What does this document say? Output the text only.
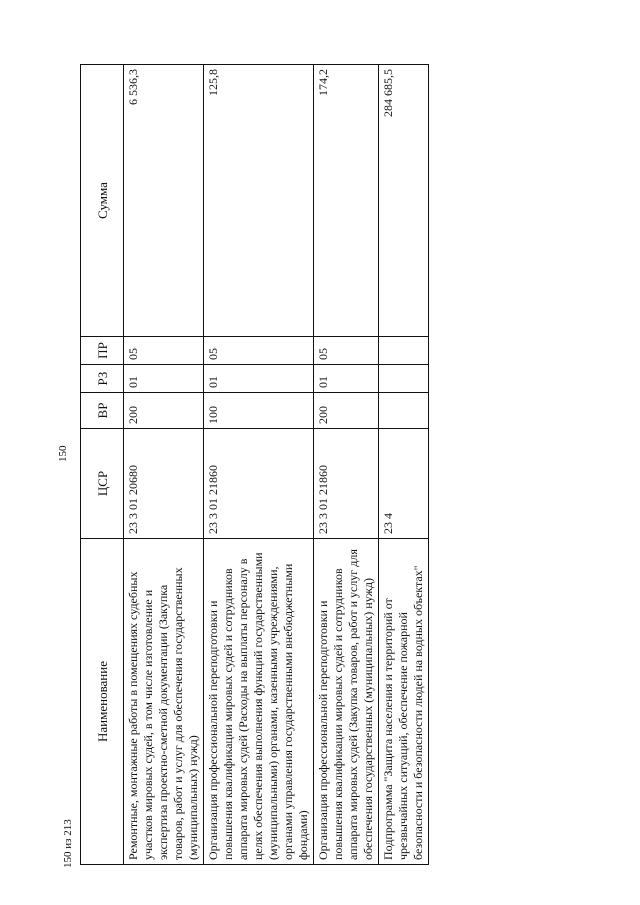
150
Наименование	ЦСР	ВР	РЗ	ПР	Сумма
Ремонтные, монтажные работы в помещениях судебных участков мировых судей, в том числе изготовление и экспертиза проектно-сметной документации (Закупка товаров, работ и услуг для обеспечения государственных (муниципальных) нужд)	23 3 01 20680	200	01	05	6 536,3
Организация профессиональной переподготовки и повышения квалификации мировых судей и сотрудников аппарата мировых судей (Расходы на выплаты персоналу в целях обеспечения выполнения функций государственными (муниципальными) органами, казенными учреждениями, органами управления государственными внебюджетными фондами)	23 3 01 21860	100	01	05	125,8
Организация профессиональной переподготовки и повышения квалификации мировых судей и сотрудников аппарата мировых судей (Закупка товаров, работ и услуг для обеспечения государственных (муниципальных) нужд)	23 3 01 21860	200	01	05	174,2
Подпрограмма "Защита населения и территорий от чрезвычайных ситуаций, обеспечение пожарной безопасности и безопасности людей на водных объектах"	23 4				284 685,5
150 из 213
